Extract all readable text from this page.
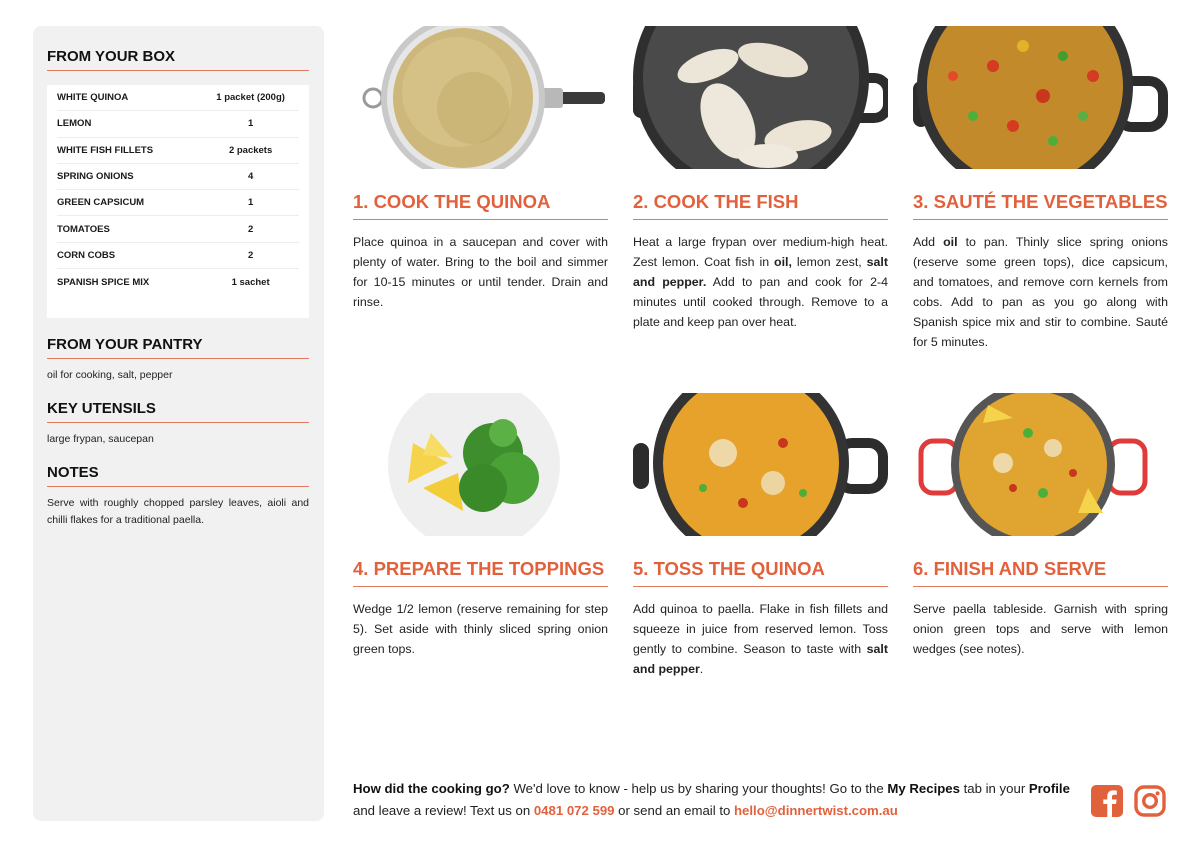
FROM YOUR BOX
WHITE QUINOA	1 packet (200g)
LEMON	1
WHITE FISH FILLETS	2 packets
SPRING ONIONS	4
GREEN CAPSICUM	1
TOMATOES	2
CORN COBS	2
SPANISH SPICE MIX	1 sachet
FROM YOUR PANTRY
oil for cooking, salt, pepper
KEY UTENSILS
large frypan, saucepan
NOTES
Serve with roughly chopped parsley leaves, aioli and chilli flakes for a traditional paella.
1. COOK THE QUINOA
Place quinoa in a saucepan and cover with plenty of water. Bring to the boil and simmer for 10-15 minutes or until tender. Drain and rinse.
2. COOK THE FISH
Heat a large frypan over medium-high heat. Zest lemon. Coat fish in oil, lemon zest, salt and pepper. Add to pan and cook for 2-4 minutes until cooked through. Remove to a plate and keep pan over heat.
3. SAUTÉ THE VEGETABLES
Add oil to pan. Thinly slice spring onions (reserve some green tops), dice capsicum, and tomatoes, and remove corn kernels from cobs. Add to pan as you go along with Spanish spice mix and stir to combine. Sauté for 5 minutes.
4. PREPARE THE TOPPINGS
Wedge 1/2 lemon (reserve remaining for step 5). Set aside with thinly sliced spring onion green tops.
5. TOSS THE QUINOA
Add quinoa to paella. Flake in fish fillets and squeeze in juice from reserved lemon. Toss gently to combine. Season to taste with salt and pepper.
6. FINISH AND SERVE
Serve paella tableside. Garnish with spring onion green tops and serve with lemon wedges (see notes).
How did the cooking go? We'd love to know - help us by sharing your thoughts! Go to the My Recipes tab in your Profile and leave a review! Text us on 0481 072 599 or send an email to hello@dinnertwist.com.au
